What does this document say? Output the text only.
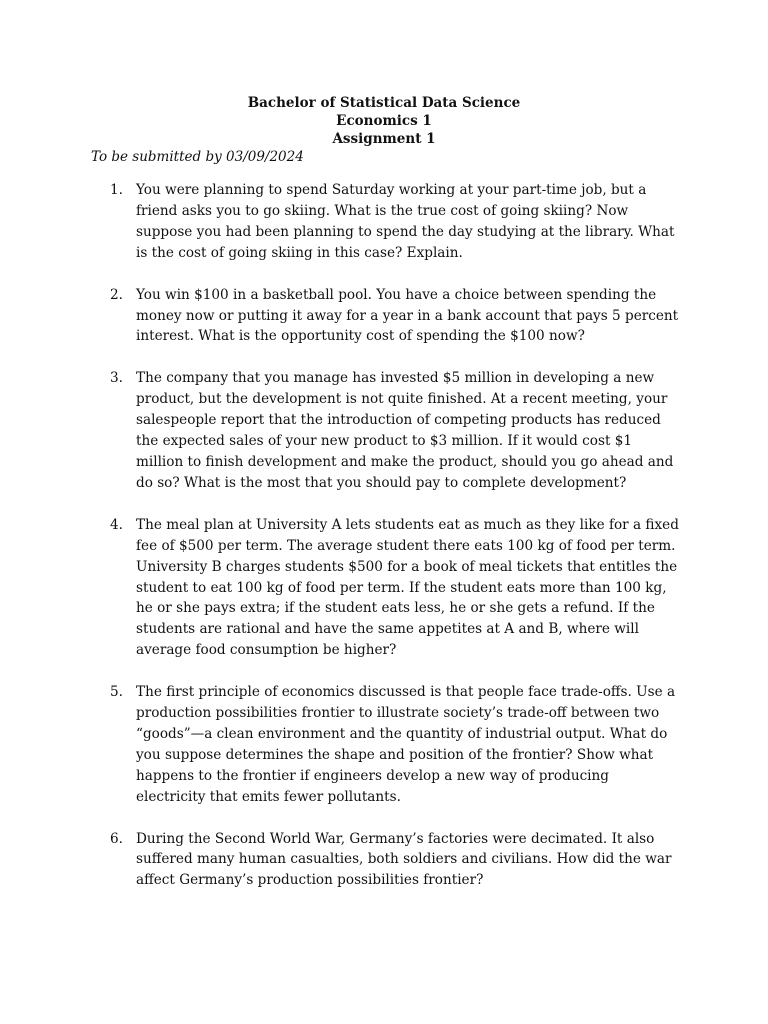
Bachelor of Statistical Data Science
Economics 1
Assignment 1
To be submitted by 03/09/2024
1. You were planning to spend Saturday working at your part-time job, but a friend asks you to go skiing. What is the true cost of going skiing? Now suppose you had been planning to spend the day studying at the library. What is the cost of going skiing in this case? Explain.
2. You win $100 in a basketball pool. You have a choice between spending the money now or putting it away for a year in a bank account that pays 5 percent interest. What is the opportunity cost of spending the $100 now?
3. The company that you manage has invested $5 million in developing a new product, but the development is not quite finished. At a recent meeting, your salespeople report that the introduction of competing products has reduced the expected sales of your new product to $3 million. If it would cost $1 million to finish development and make the product, should you go ahead and do so? What is the most that you should pay to complete development?
4. The meal plan at University A lets students eat as much as they like for a fixed fee of $500 per term. The average student there eats 100 kg of food per term. University B charges students $500 for a book of meal tickets that entitles the student to eat 100 kg of food per term. If the student eats more than 100 kg, he or she pays extra; if the student eats less, he or she gets a refund. If the students are rational and have the same appetites at A and B, where will average food consumption be higher?
5. The first principle of economics discussed is that people face trade-offs. Use a production possibilities frontier to illustrate society’s trade-off between two “goods”—a clean environment and the quantity of industrial output. What do you suppose determines the shape and position of the frontier? Show what happens to the frontier if engineers develop a new way of producing electricity that emits fewer pollutants.
6. During the Second World War, Germany’s factories were decimated. It also suffered many human casualties, both soldiers and civilians. How did the war affect Germany’s production possibilities frontier?
